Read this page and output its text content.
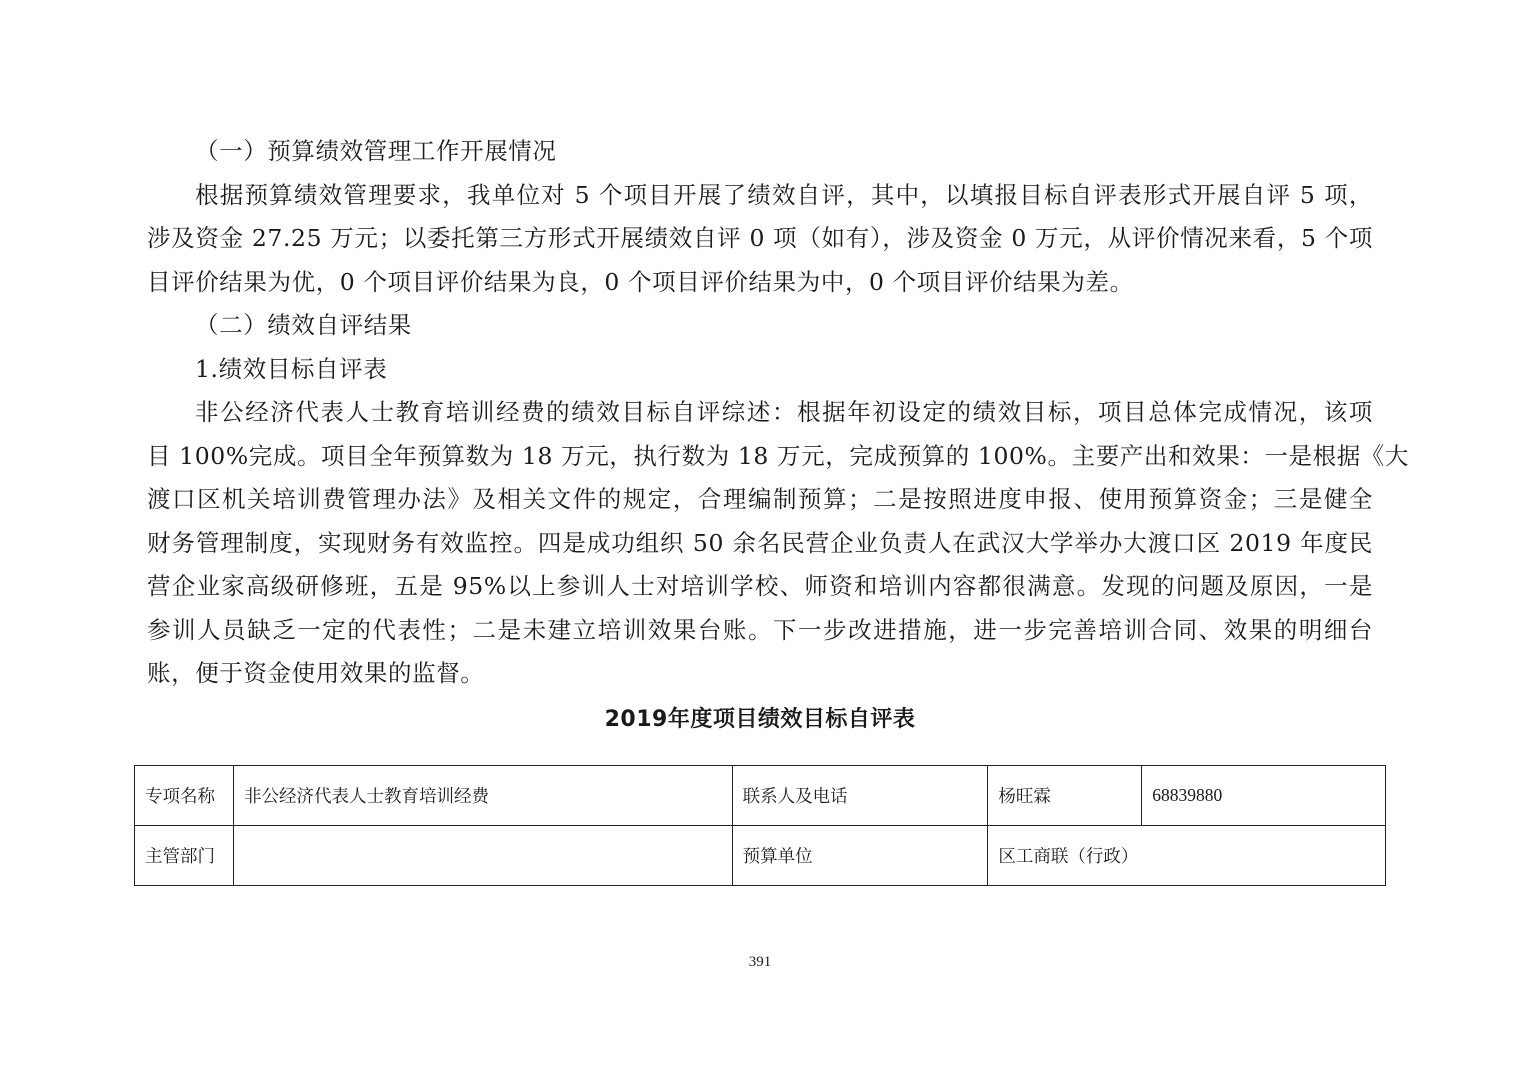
（一）预算绩效管理工作开展情况
根据预算绩效管理要求，我单位对 5 个项目开展了绩效自评，其中，以填报目标自评表形式开展自评 5 项，
涉及资金 27.25 万元；以委托第三方形式开展绩效自评 0 项（如有），涉及资金 0 万元，从评价情况来看，5 个项
目评价结果为优，0 个项目评价结果为良，0 个项目评价结果为中，0 个项目评价结果为差。
（二）绩效自评结果
1.绩效目标自评表
非公经济代表人士教育培训经费的绩效目标自评综述：根据年初设定的绩效目标，项目总体完成情况，该项
目 100%完成。项目全年预算数为 18 万元，执行数为 18 万元，完成预算的 100%。主要产出和效果：一是根据《大
渡口区机关培训费管理办法》及相关文件的规定，合理编制预算；二是按照进度申报、使用预算资金；三是健全
财务管理制度，实现财务有效监控。四是成功组织 50 余名民营企业负责人在武汉大学举办大渡口区 2019 年度民
营企业家高级研修班，五是 95%以上参训人士对培训学校、师资和培训内容都很满意。发现的问题及原因，一是
参训人员缺乏一定的代表性；二是未建立培训效果台账。下一步改进措施，进一步完善培训合同、效果的明细台
账，便于资金使用效果的监督。
2019年度项目绩效目标自评表
专项名称	非公经济代表人士教育培训经费	联系人及电话	杨旺霖	68839880
主管部门		预算单位	区工商联（行政）	
391
